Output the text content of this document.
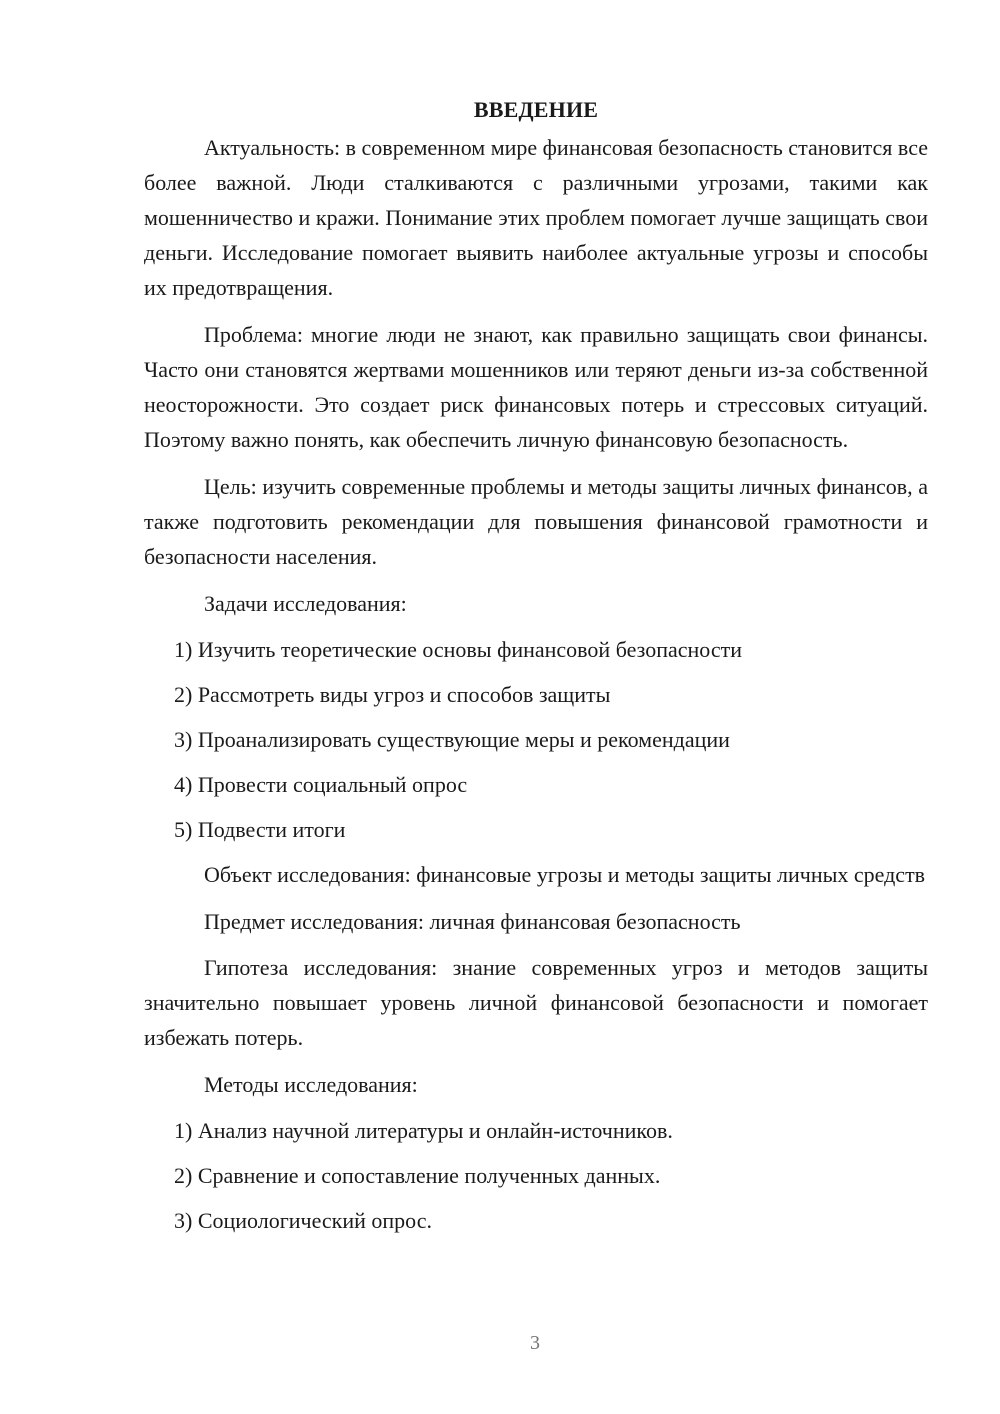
ВВЕДЕНИЕ

Актуальность: в современном мире финансовая безопасность становится все более важной. Люди сталкиваются с различными угрозами, такими как мошенничество и кражи. Понимание этих проблем помогает лучше защищать свои деньги. Исследование помогает выявить наиболее актуальные угрозы и способы их предотвращения.

Проблема: многие люди не знают, как правильно защищать свои финансы. Часто они становятся жертвами мошенников или теряют деньги из-за собственной неосторожности. Это создает риск финансовых потерь и стрессовых ситуаций. Поэтому важно понять, как обеспечить личную финансовую безопасность.

Цель: изучить современные проблемы и методы защиты личных финансов, а также подготовить рекомендации для повышения финансовой грамотности и безопасности населения.

Задачи исследования:

1) Изучить теоретические основы финансовой безопасности
2) Рассмотреть виды угроз и способов защиты
3) Проанализировать существующие меры и рекомендации
4) Провести социальный опрос
5) Подвести итоги

Объект исследования: финансовые угрозы и методы защиты личных средств

Предмет исследования: личная финансовая безопасность

Гипотеза исследования: знание современных угроз и методов защиты значительно повышает уровень личной финансовой безопасности и помогает избежать потерь.

Методы исследования:

1) Анализ научной литературы и онлайн-источников.
2) Сравнение и сопоставление полученных данных.
3) Социологический опрос.
3
